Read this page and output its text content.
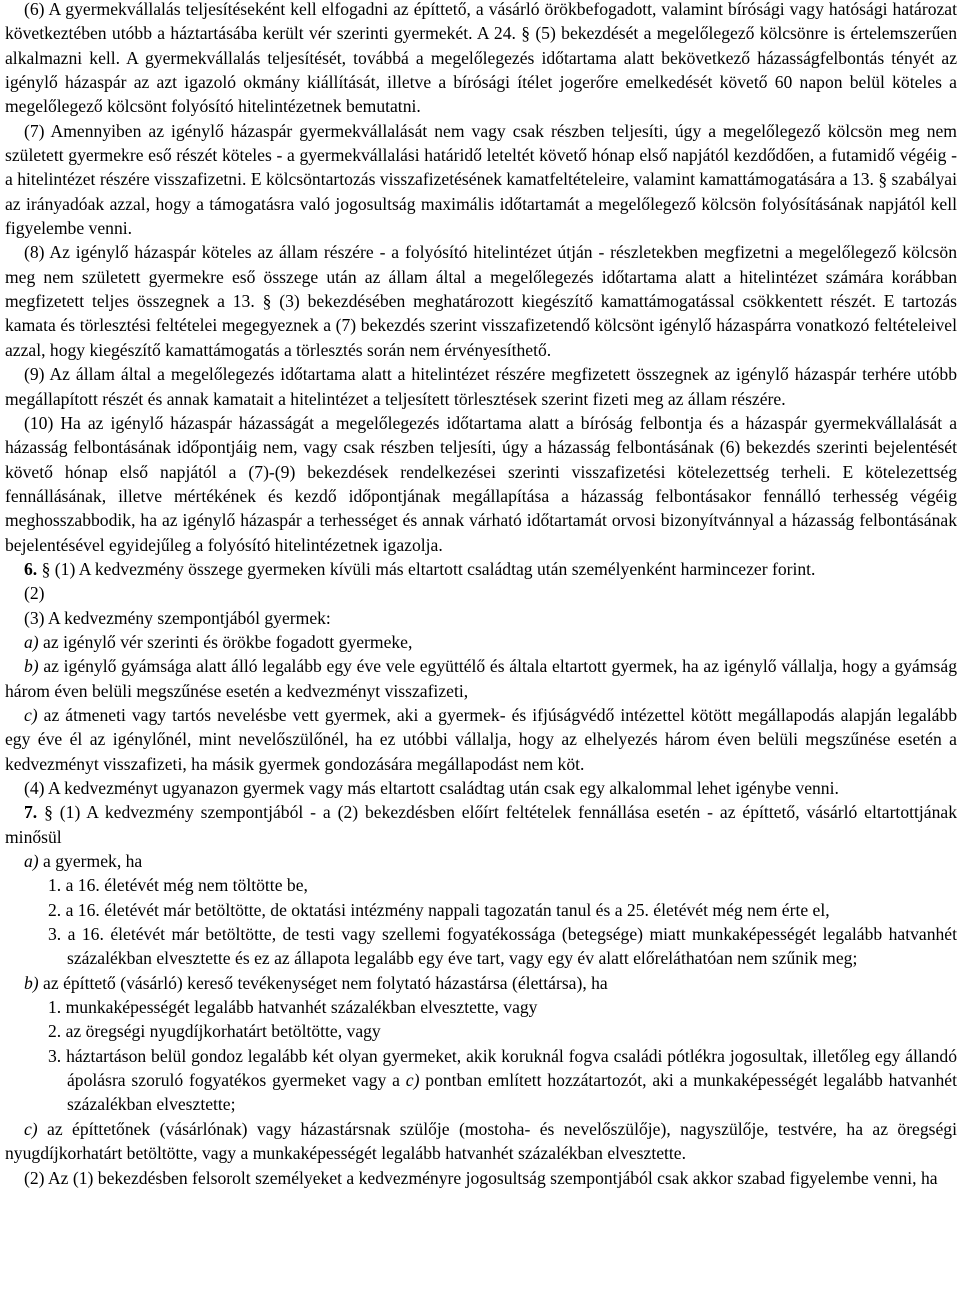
(6) A gyermekvállalás teljesítéseként kell elfogadni az építtető, a vásárló örökbefogadott, valamint bírósági vagy hatósági határozat következtében utóbb a háztartásába került vér szerinti gyermekét. A 24. § (5) bekezdését a megelőlegező kölcsönre is értelemszerűen alkalmazni kell. A gyermekvállalás teljesítését, továbbá a megelőlegezés időtartama alatt bekövetkező házasságfelbontás tényét az igénylő házaspár az azt igazoló okmány kiállítását, illetve a bírósági ítélet jogerőre emelkedését követő 60 napon belül köteles a megelőlegező kölcsönt folyósító hitelintézetnek bemutatni.

(7) Amennyiben az igénylő házaspár gyermekvállalását nem vagy csak részben teljesíti, úgy a megelőlegező kölcsön meg nem született gyermekre eső részét köteles - a gyermekvállalási határidő leteltét követő hónap első napjától kezdődően, a futamidő végéig - a hitelintézet részére visszafizetni. E kölcsöntartozás visszafizetésének kamatfeltételeire, valamint kamattámogatására a 13. § szabályai az irányadóak azzal, hogy a támogatásra való jogosultság maximális időtartamát a megelőlegező kölcsön folyósításának napjától kell figyelembe venni.

(8) Az igénylő házaspár köteles az állam részére - a folyósító hitelintézet útján - részletekben megfizetni a megelőlegező kölcsön meg nem született gyermekre eső összege után az állam által a megelőlegezés időtartama alatt a hitelintézet számára korábban megfizetett teljes összegnek a 13. § (3) bekezdésében meghatározott kiegészítő kamattámogatással csökkentett részét. E tartozás kamata és törlesztési feltételei megegyeznek a (7) bekezdés szerint visszafizetendő kölcsönt igénylő házaspárra vonatkozó feltételeivel azzal, hogy kiegészítő kamattámogatás a törlesztés során nem érvényesíthető.

(9) Az állam által a megelőlegezés időtartama alatt a hitelintézet részére megfizetett összegnek az igénylő házaspár terhére utóbb megállapított részét és annak kamatait a hitelintézet a teljesített törlesztések szerint fizeti meg az állam részére.

(10) Ha az igénylő házaspár házasságát a megelőlegezés időtartama alatt a bíróság felbontja és a házaspár gyermekvállalását a házasság felbontásának időpontjáig nem, vagy csak részben teljesíti, úgy a házasság felbontásának (6) bekezdés szerinti bejelentését követő hónap első napjától a (7)-(9) bekezdések rendelkezései szerinti visszafizetési kötelezettség terheli. E kötelezettség fennállásának, illetve mértékének és kezdő időpontjának megállapítása a házasság felbontásakor fennálló terhesség végéig meghosszabbodik, ha az igénylő házaspár a terhességet és annak várható időtartamát orvosi bizonyítvánnyal a házasság felbontásának bejelentésével egyidejűleg a folyósító hitelintézetnek igazolja.

6. § (1) A kedvezmény összege gyermeken kívüli más eltartott családtag után személyenként harmincezer forint.

(2)

(3) A kedvezmény szempontjából gyermek:

a) az igénylő vér szerinti és örökbe fogadott gyermeke,

b) az igénylő gyámsága alatt álló legalább egy éve vele együttélő és általa eltartott gyermek, ha az igénylő vállalja, hogy a gyámság három éven belüli megszűnése esetén a kedvezményt visszafizeti,

c) az átmeneti vagy tartós nevelésbe vett gyermek, aki a gyermek- és ifjúságvédő intézettel kötött megállapodás alapján legalább egy éve él az igénylőnél, mint nevelőszülőnél, ha ez utóbbi vállalja, hogy az elhelyezés három éven belüli megszűnése esetén a kedvezményt visszafizeti, ha másik gyermek gondozására megállapodást nem köt.

(4) A kedvezményt ugyanazon gyermek vagy más eltartott családtag után csak egy alkalommal lehet igénybe venni.

7. § (1) A kedvezmény szempontjából - a (2) bekezdésben előírt feltételek fennállása esetén - az építtető, vásárló eltartottjának minősül

a) a gyermek, ha

1. a 16. életévét még nem töltötte be,

2. a 16. életévét már betöltötte, de oktatási intézmény nappali tagozatán tanul és a 25. életévét még nem érte el,

3. a 16. életévét már betöltötte, de testi vagy szellemi fogyatékossága (betegsége) miatt munkaképességét legalább hatvanhét százalékban elvesztette és ez az állapota legalább egy éve tart, vagy egy év alatt előreláthatóan nem szűnik meg;

b) az építtető (vásárló) kereső tevékenységet nem folytató házastársa (élettársa), ha

1. munkaképességét legalább hatvanhét százalékban elvesztette, vagy

2. az öregségi nyugdíjkorhatárt betöltötte, vagy

3. háztartáson belül gondoz legalább két olyan gyermeket, akik koruknál fogva családi pótlékra jogosultak, illetőleg egy állandó ápolásra szoruló fogyatékos gyermeket vagy a c) pontban említett hozzátartozót, aki a munkaképességét legalább hatvanhét százalékban elvesztette;

c) az építtetőnek (vásárlónak) vagy házastársnak szülője (mostoha- és nevelőszülője), nagyszülője, testvére, ha az öregségi nyugdíjkorhatárt betöltötte, vagy a munkaképességét legalább hatvanhét százalékban elvesztette.

(2) Az (1) bekezdésben felsorolt személyeket a kedvezményre jogosultság szempontjából csak akkor szabad figyelembe venni, ha
